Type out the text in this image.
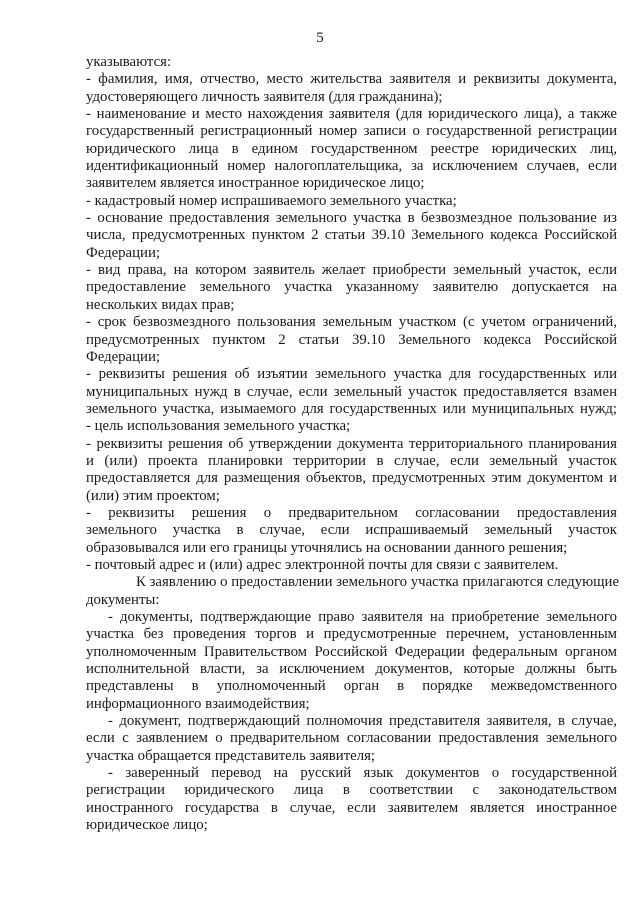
5
указываются:
- фамилия, имя, отчество, место жительства заявителя и реквизиты документа,
удостоверяющего личность заявителя (для гражданина);
- наименование и место нахождения заявителя (для юридического лица), а также
государственный регистрационный номер записи о государственной регистрации
юридического лица в едином государственном реестре юридических лиц,
идентификационный номер налогоплательщика, за исключением случаев, если
заявителем является иностранное юридическое лицо;
- кадастровый номер испрашиваемого земельного участка;
- основание предоставления земельного участка в безвозмездное пользование из
числа, предусмотренных пунктом 2 статьи 39.10 Земельного кодекса Российской
Федерации;
- вид права, на котором заявитель желает приобрести земельный участок, если
предоставление земельного участка указанному заявителю допускается на
нескольких видах прав;
- срок безвозмездного пользования земельным участком (с учетом ограничений,
предусмотренных пунктом 2 статьи 39.10 Земельного кодекса Российской
Федерации;
- реквизиты решения об изъятии земельного участка для государственных или
муниципальных нужд в случае, если земельный участок предоставляется взамен
земельного участка, изымаемого для государственных или муниципальных нужд;
- цель использования земельного участка;
- реквизиты решения об утверждении документа территориального планирования
и (или) проекта планировки территории в случае, если земельный участок
предоставляется для размещения объектов, предусмотренных этим документом и
(или) этим проектом;
- реквизиты решения о предварительном согласовании предоставления
земельного участка в случае, если испрашиваемый земельный участок
образовывался или его границы уточнялись на основании данного решения;
- почтовый адрес и (или) адрес электронной почты для связи с заявителем.
К заявлению о предоставлении земельного участка прилагаются следующие
документы:
- документы, подтверждающие право заявителя на приобретение земельного
участка без проведения торгов и предусмотренные перечнем, установленным
уполномоченным Правительством Российской Федерации федеральным органом
исполнительной власти, за исключением документов, которые должны быть
представлены в уполномоченный орган в порядке межведомственного
информационного взаимодействия;
- документ, подтверждающий полномочия представителя заявителя, в случае,
если с заявлением о предварительном согласовании предоставления земельного
участка обращается представитель заявителя;
- заверенный перевод на русский язык документов о государственной
регистрации юридического лица в соответствии с законодательством
иностранного государства в случае, если заявителем является иностранное
юридическое лицо;
